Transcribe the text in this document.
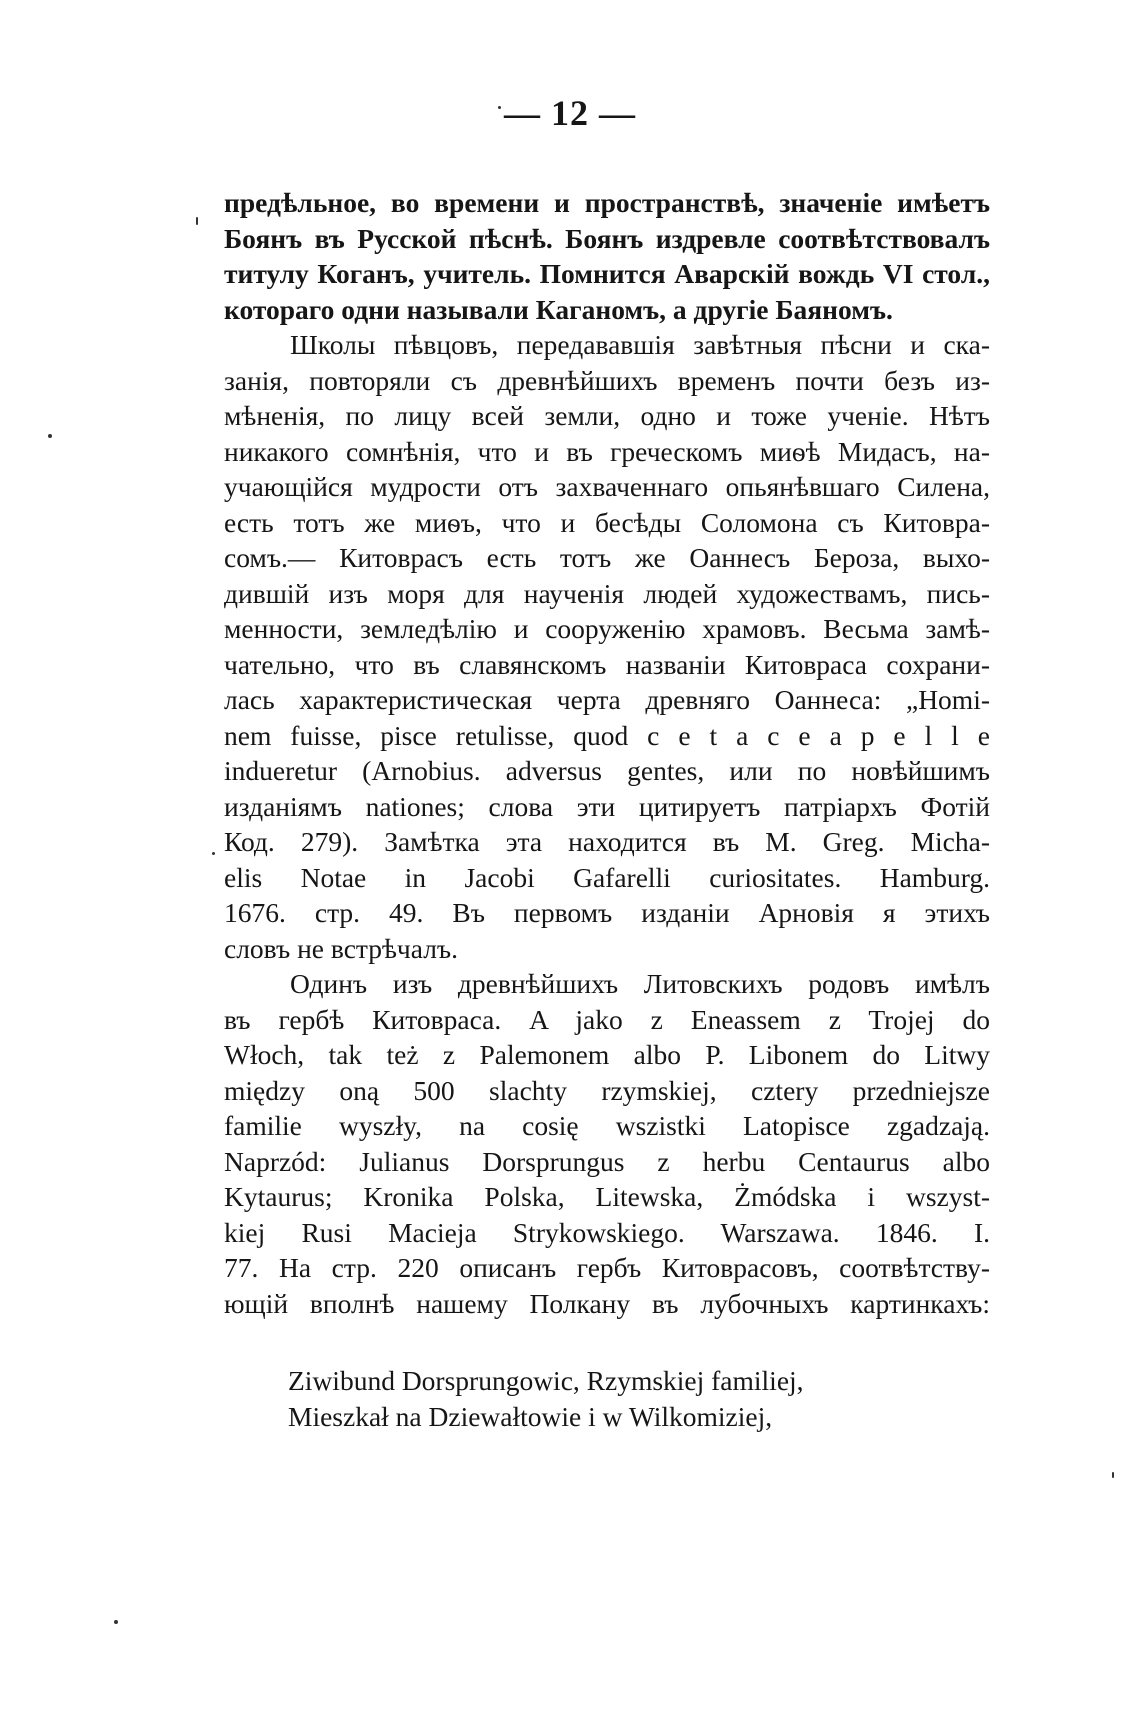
— 12 —
предѣльное, во времени и пространствѣ, значеніе имѣетъ
Боянъ въ Русской пѣснѣ. Боянъ издревле соотвѣтствовалъ
титулу Коганъ, учитель. Помнится Аварскій вождь VI стол.,
котораго одни называли Каганомъ, а другіе Баяномъ.
Школы пѣвцовъ, передававшія завѣтныя пѣсни и ска-
занія, повторяли съ древнѣйшихъ временъ почти безъ из-
мѣненія, по лицу всей земли, одно и тоже ученіе. Нѣтъ
никакого сомнѣнія, что и въ греческомъ миѳѣ Мидасъ, на-
учающійся мудрости отъ захваченнаго опьянѣвшаго Силена,
есть тотъ же миѳъ, что и бесѣды Соломона съ Китовра-
сомъ.— Китоврасъ есть тотъ же Оаннесъ Бероза, выхо-
дившій изъ моря для наученія людей художествамъ, пись-
менности, земледѣлію и сооруженію храмовъ. Весьма замѣ-
чательно, что въ славянскомъ названіи Китовраса сохрани-
лась характеристическая черта древняго Оаннеса: „Homi-
nem fuisse, pisce retulisse, quod c e t a c e a p e l l e
indueretur (Arnobius. adversus gentes, или по новѣйшимъ
изданіямъ nationes; слова эти цитируетъ патріархъ Фотій
Код. 279). Замѣтка эта находится въ M. Greg. Micha-
elis Notae in Jacobi Gafarelli curiositates. Hamburg.
1676. стр. 49. Въ первомъ изданіи Арновія я этихъ
словъ не встрѣчалъ.
Одинъ изъ древнѣйшихъ Литовскихъ родовъ имѣлъ
въ гербѣ Китовраса. A jako z Eneassem z Trojej do
Włoch, tak też z Palemonem albo P. Libonem do Litwy
między oną 500 slachty rzymskiej, cztery przedniejsze
familie wyszły, na cosię wszistki Latopisce zgadzają.
Naprzód: Julianus Dorsprungus z herbu Centaurus albo
Kytaurus; Kronika Polska, Litewska, Żmódska i wszyst-
kiej Rusi Macieja Strykowskiego. Warszawa. 1846. I.
77. На стр. 220 описанъ гербъ Китоврасовъ, соотвѣтству-
ющій вполнѣ нашему Полкану въ лубочныхъ картинкахъ:
Ziwibund Dorsprungowic, Rzymskiej familiej,
Mieszkał na Dziewałtowie i w Wilkomiziej,
